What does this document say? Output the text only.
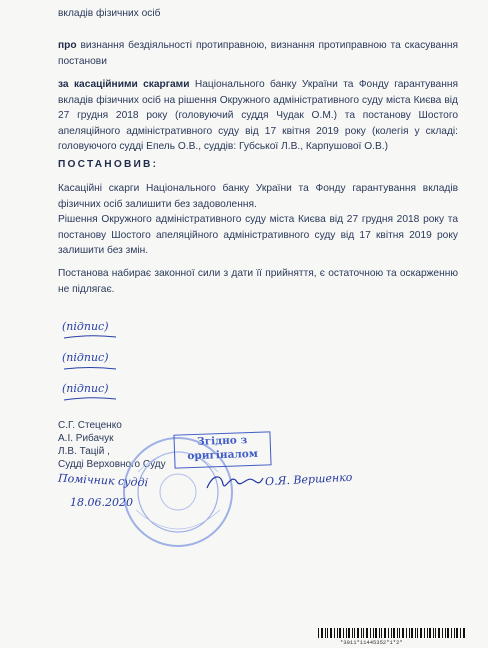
вкладів фізичних осіб
про визнання бездіяльності протиправною, визнання протиправною та скасування постанови
за касаційними скаргами Національного банку України та Фонду гарантування вкладів фізичних осіб на рішення Окружного адміністративного суду міста Києва від 27 грудня 2018 року (головуючий суддя Чудак О.М.) та постанову Шостого апеляційного адміністративного суду від 17 квітня 2019 року (колегія у складі: головуючого судді Епель О.В., суддів: Губської Л.В., Карпушової О.В.)
ПОСТАНОВИВ:
Касаційні скарги Національного банку України та Фонду гарантування вкладів фізичних осіб залишити без задоволення.
Рішення Окружного адміністративного суду міста Києва від 27 грудня 2018 року та постанову Шостого апеляційного адміністративного суду від 17 квітня 2019 року залишити без змін.
Постанова набирає законної сили з дати її прийняття, є остаточною та оскарженню не підлягає.
(підпис)
(підпис)
(підпис)
С.Г. Стеценко
А.І. Рибачук
Л.В. Тацій ,
Судді Верховного Суду
Згідно з
оригіналом
Помічник судді
18.06.2020
О.Я. Вершенко
*3011*11445352*1*2*
